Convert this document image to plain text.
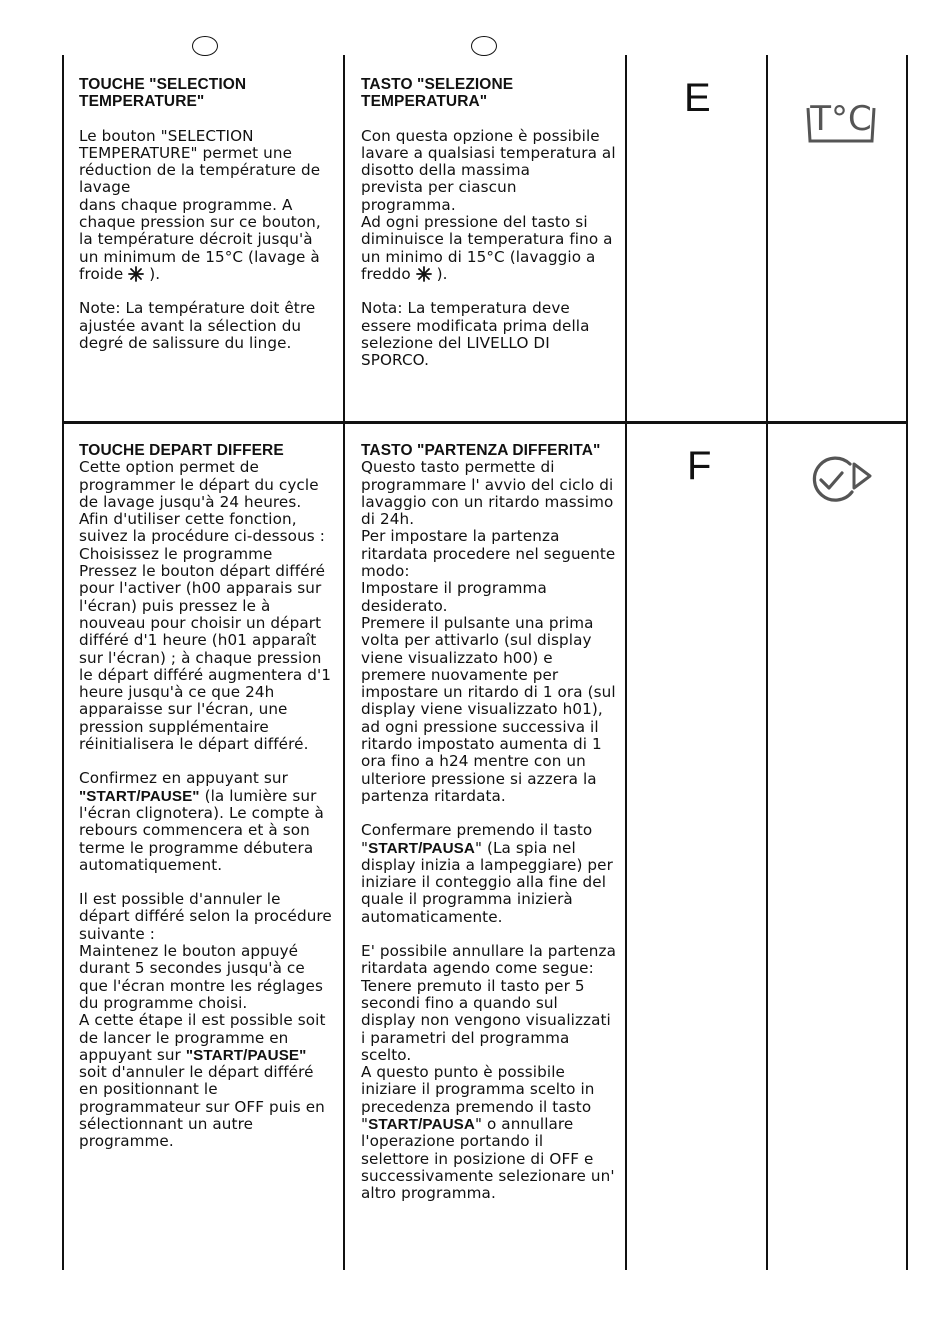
TOUCHE "SELECTION TEMPERATURE"

Le bouton "SELECTION TEMPERATURE" permet une réduction de la température de lavage
dans chaque programme. A chaque pression sur ce bouton, la température décroit jusqu'à
un minimum de 15°C (lavage à froide ).

Note: La température doit être ajustée avant la sélection du degré de salissure du linge.

TASTO "SELEZIONE TEMPERATURA"

Con questa opzione è possibile lavare a qualsiasi temperatura al disotto della massima
prevista per ciascun programma.
Ad ogni pressione del tasto si diminuisce la temperatura fino a un minimo di 15°C (lavaggio a freddo ).

Nota: La temperatura deve essere modificata prima della selezione del LIVELLO DI SPORCO.

E	T°C

TOUCHE DEPART DIFFERE
Cette option permet de programmer le départ du cycle de lavage jusqu'à 24 heures.
Afin d'utiliser cette fonction, suivez la procédure ci-dessous :
Choisissez le programme
Pressez le bouton départ différé pour l'activer (h00 apparais sur l'écran) puis pressez le à nouveau pour choisir un départ différé d'1 heure (h01 apparaît sur l'écran) ; à chaque pression le départ différé augmentera d'1 heure jusqu'à ce que 24h apparaisse sur l'écran, une pression supplémentaire réinitialisera le départ différé.

Confirmez en appuyant sur "START/PAUSE" (la lumière sur l'écran clignotera). Le compte à rebours commencera et à son terme le programme débutera automatiquement.

Il est possible d'annuler le départ différé selon la procédure suivante :
Maintenez le bouton appuyé durant 5 secondes jusqu'à ce que l'écran montre les réglages du programme choisi.
A cette étape il est possible soit de lancer le programme en appuyant sur "START/PAUSE" soit d'annuler le départ différé en positionnant le programmateur sur OFF puis en sélectionnant un autre programme.

TASTO "PARTENZA DIFFERITA"
Questo tasto permette di programmare l' avvio del ciclo di lavaggio con un ritardo massimo di 24h.
Per impostare la partenza ritardata procedere nel seguente modo:
Impostare il programma desiderato.
Premere il pulsante una prima volta per attivarlo (sul display viene visualizzato h00) e premere nuovamente per impostare un ritardo di 1 ora (sul display viene visualizzato h01), ad ogni pressione successiva il ritardo impostato aumenta di 1 ora fino a h24 mentre con un ulteriore pressione si azzera la partenza ritardata.

Confermare premendo il tasto "START/PAUSA" (La spia nel display inizia a lampeggiare) per iniziare il conteggio alla fine del quale il programma inizierà automaticamente.

E' possibile annullare la partenza ritardata agendo come segue:
Tenere premuto il tasto per 5 secondi fino a quando sul display non vengono visualizzati i parametri del programma scelto.
A questo punto è possibile iniziare il programma scelto in precedenza premendo il tasto "START/PAUSA" o annullare l'operazione portando il selettore in posizione di OFF e successivamente selezionare un' altro programma.

F
